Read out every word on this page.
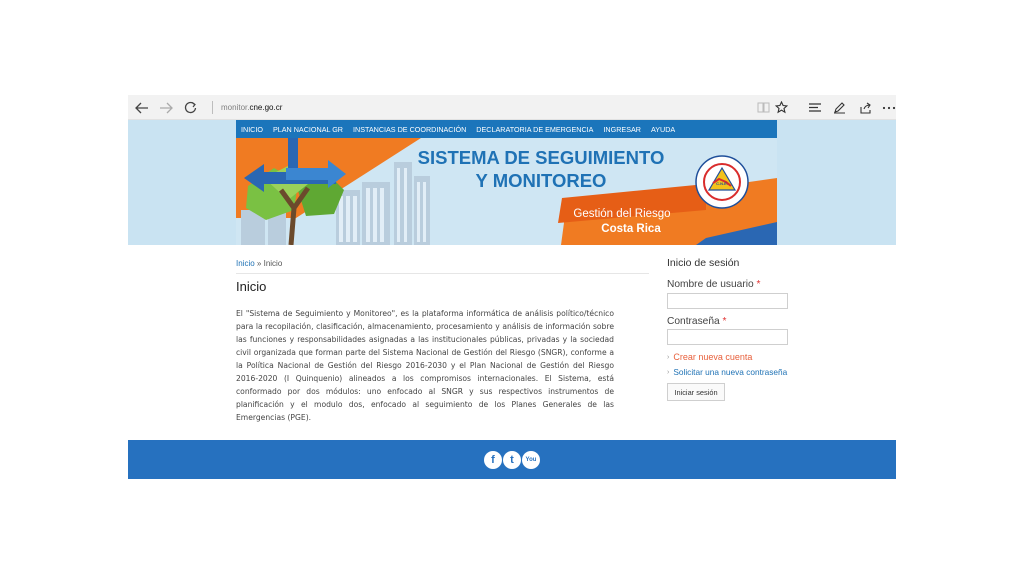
monitor.cne.go.cr
INICIO PLAN NACIONAL GR INSTANCIAS DE COORDINACIÓN DECLARATORIA DE EMERGENCIA INGRESAR AYUDA
SISTEMA DE SEGUIMIENTO
Y MONITOREO
Gestión del Riesgo
Costa Rica
C.N.E.
Inicio » Inicio
Inicio
El "Sistema de Seguimiento y Monitoreo", es la plataforma informática de análisis político/técnico para la recopilación, clasificación, almacenamiento, procesamiento y análisis de información sobre las funciones y responsabilidades asignadas a las institucionales públicas, privadas y la sociedad civil organizada que forman parte del Sistema Nacional de Gestión del Riesgo (SNGR), conforme a la Política Nacional de Gestión del Riesgo 2016-2030 y el Plan Nacional de Gestión del Riesgo 2016-2020 (I Quinquenio) alineados a los compromisos internacionales. El Sistema, está conformado por dos módulos: uno enfocado al SNGR y sus respectivos instrumentos de planificación y el modulo dos, enfocado al seguimiento de los Planes Generales de las Emergencias (PGE).
Inicio de sesión
Nombre de usuario *
Contraseña *
› Crear nueva cuenta
› Solicitar una nueva contraseña
Iniciar sesión
f t You
